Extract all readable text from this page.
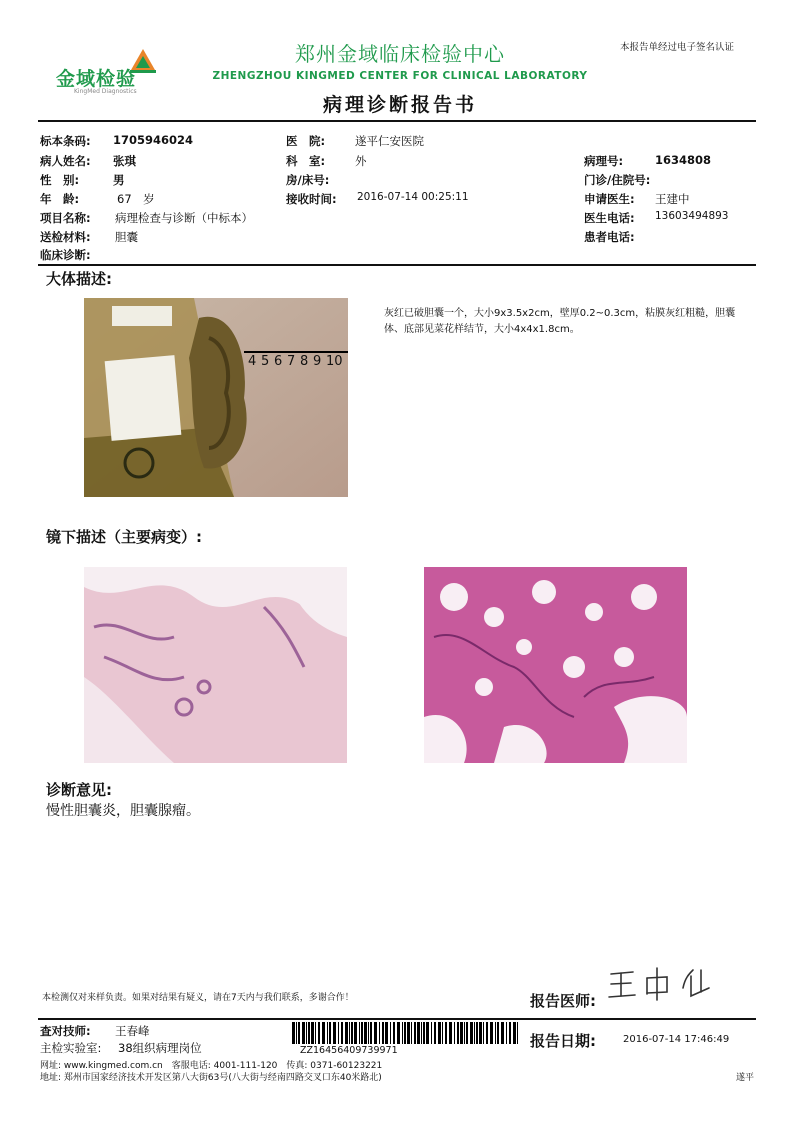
金域检验
KingMed Diagnostics
郑州金域临床检验中心
ZHENGZHOU KINGMED CENTER FOR CLINICAL LABORATORY
病理诊断报告书
本报告单经过电子签名认证
标本条码: 1705946024	医　院:	遂平仁安医院
病人姓名: 张琪	科　室:	外	病理号:	1634808
性　别:	男	房/床号:	门诊/住院号:
年　龄:	67　岁	接收时间: 2016-07-14 00:25:11	申请医生: 王建中
项目名称: 病理检查与诊断（中标本）	医生电话: 13603494893
送检材料: 胆囊	患者电话:
临床诊断:
大体描述:
4 5 6 7 8 9 10
灰红已破胆囊一个，大小9x3.5x2cm，壁厚0.2~0.3cm，粘膜灰红粗糙，胆囊体、底部见菜花样结节，大小4x4x1.8cm。
镜下描述（主要病变）:
诊断意见:
慢性胆囊炎，胆囊腺瘤。
本检测仅对来样负责。如果对结果有疑义，请在7天内与我们联系，多谢合作！	报告医师:
查对技师: 王春峰
主检实验室: 38组织病理岗位	ZZ16456409739971
报告日期:	2016-07-14 17:46:49
网址: www.kingmed.com.cn　客服电话: 4001-111-120　传真: 0371-60123221
地址: 郑州市国家经济技术开发区第八大街63号(八大街与经南四路交叉口东40米路北)	遂平
